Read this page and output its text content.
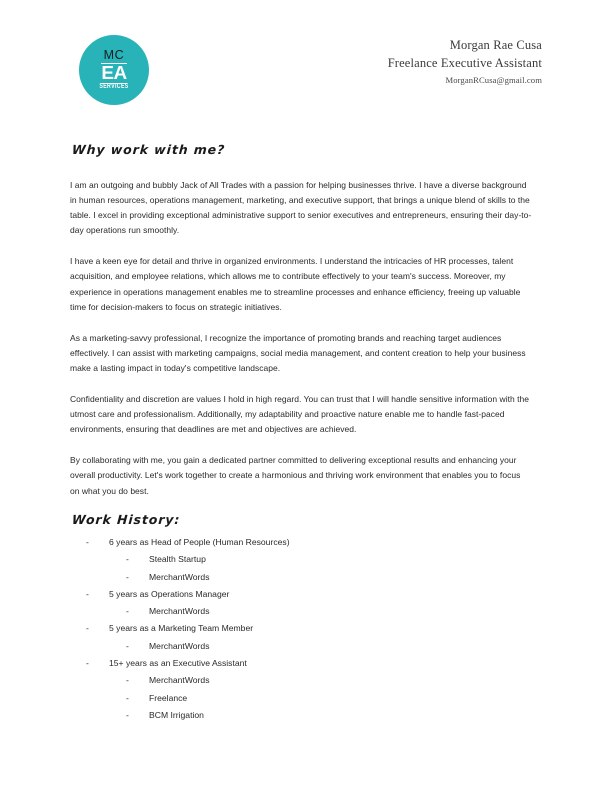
MC
EA
SERVICES
Morgan Rae Cusa
Freelance Executive Assistant
MorganRCusa@gmail.com
Why work with me?

I am an outgoing and bubbly Jack of All Trades with a passion for helping businesses thrive. I have a diverse background in human resources, operations management, marketing, and executive support, that brings a unique blend of skills to the table. I excel in providing exceptional administrative support to senior executives and entrepreneurs, ensuring their day-to-day operations run smoothly.

I have a keen eye for detail and thrive in organized environments. I understand the intricacies of HR processes, talent acquisition, and employee relations, which allows me to contribute effectively to your team's success. Moreover, my experience in operations management enables me to streamline processes and enhance efficiency, freeing up valuable time for decision-makers to focus on strategic initiatives.

As a marketing-savvy professional, I recognize the importance of promoting brands and reaching target audiences effectively. I can assist with marketing campaigns, social media management, and content creation to help your business make a lasting impact in today's competitive landscape.

Confidentiality and discretion are values I hold in high regard. You can trust that I will handle sensitive information with the utmost care and professionalism. Additionally, my adaptability and proactive nature enable me to handle fast-paced environments, ensuring that deadlines are met and objectives are achieved.

By collaborating with me, you gain a dedicated partner committed to delivering exceptional results and enhancing your overall productivity. Let's work together to create a harmonious and thriving work environment that enables you to focus on what you do best.

Work History:
-	6 years as Head of People (Human Resources)
-	Stealth Startup
-	MerchantWords
-	5 years as Operations Manager
-	MerchantWords
-	5 years as a Marketing Team Member
-	MerchantWords
-	15+ years as an Executive Assistant
-	MerchantWords
-	Freelance
-	BCM Irrigation
